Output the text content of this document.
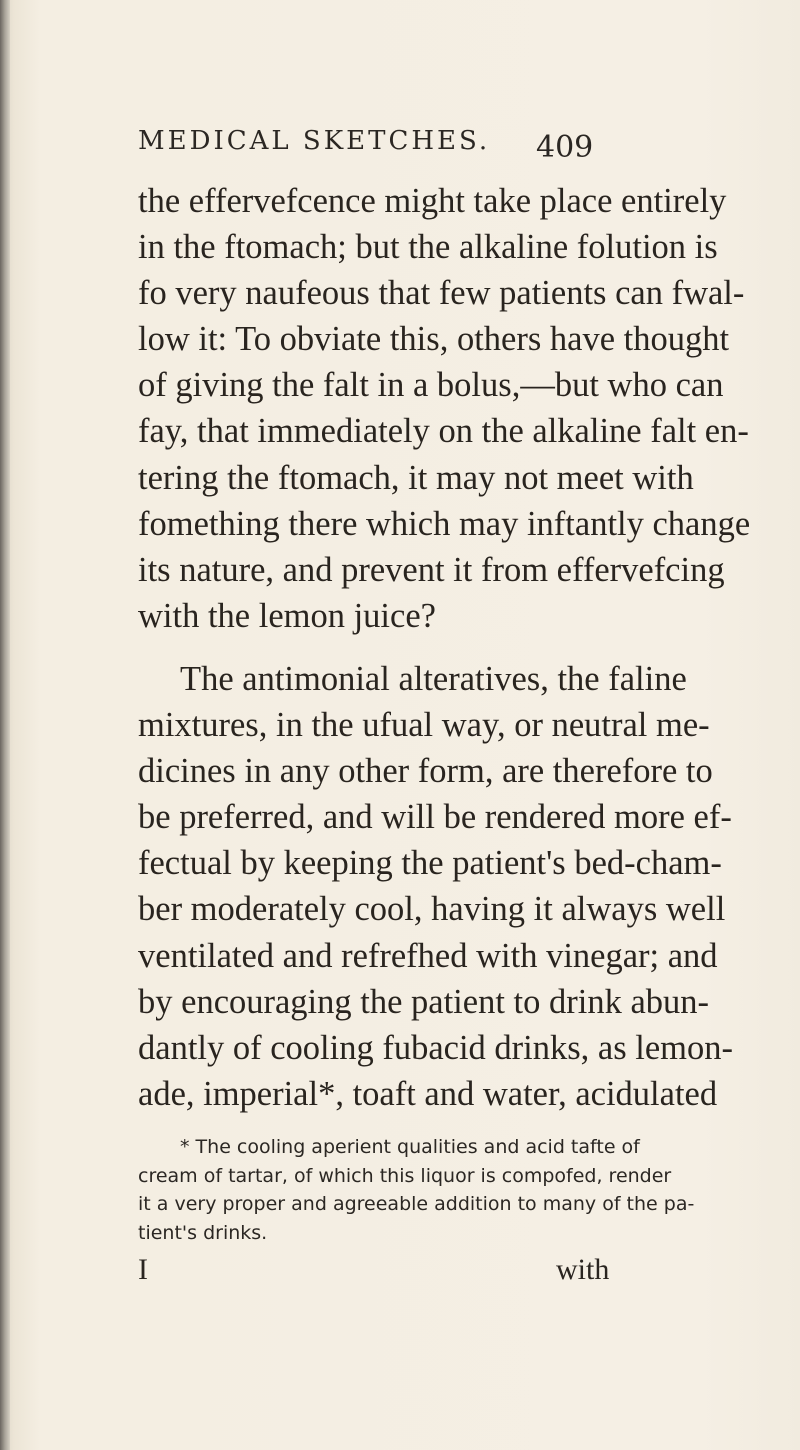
MEDICAL SKETCHES. 409
the effervefcence might take place entirely
in the ftomach; but the alkaline folution is
fo very naufeous that few patients can fwal-
low it: To obviate this, others have thought
of giving the falt in a bolus,—but who can
fay, that immediately on the alkaline falt en-
tering the ftomach, it may not meet with
fomething there which may inftantly change
its nature, and prevent it from effervefcing
with the lemon juice?
The antimonial alteratives, the faline
mixtures, in the ufual way, or neutral me-
dicines in any other form, are therefore to
be preferred, and will be rendered more ef-
fectual by keeping the patient's bed-cham-
ber moderately cool, having it always well
ventilated and refrefhed with vinegar; and
by encouraging the patient to drink abun-
dantly of cooling fubacid drinks, as lemon-
ade, imperial*, toaft and water, acidulated
* The cooling aperient qualities and acid tafte of
cream of tartar, of which this liquor is compofed, render
it a very proper and agreeable addition to many of the pa-
tient's drinks.
I	with
